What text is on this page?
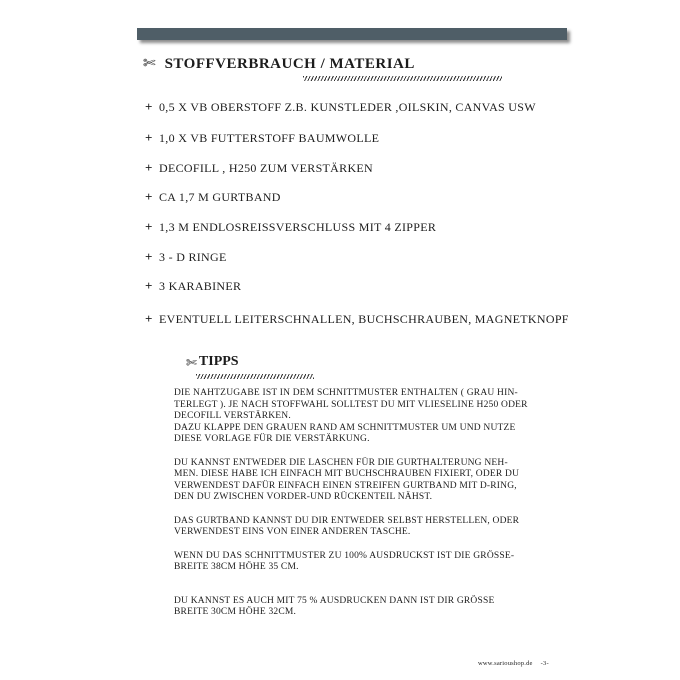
✄ STOFFVERBRAUCH / MATERIAL
+ 0,5 X VB OBERSTOFF Z.B. KUNSTLEDER ,OILSKIN, CANVAS USW
+ 1,0 X VB FUTTERSTOFF BAUMWOLLE
+ DECOFILL , H250 ZUM VERSTÄRKEN
+ CA 1,7 M GURTBAND
+ 1,3 M ENDLOSREISSVERSCHLUSS MIT 4 ZIPPER
+ 3 - D RINGE
+ 3 KARABINER
+ EVENTUELL LEITERSCHNALLEN, BUCHSCHRAUBEN, MAGNETKNOPF
✄ TIPPS

DIE NAHTZUGABE IST IN DEM SCHNITTMUSTER ENTHALTEN ( GRAU HIN-
TERLEGT ). JE NACH STOFFWAHL SOLLTEST DU MIT VLIESELINE H250 ODER
DECOFILL VERSTÄRKEN.
DAZU KLAPPE DEN GRAUEN RAND AM SCHNITTMUSTER UM UND NUTZE
DIESE VORLAGE FÜR DIE VERSTÄRKUNG.

DU KANNST ENTWEDER DIE LASCHEN FÜR DIE GURTHALTERUNG NEH-
MEN. DIESE HABE ICH EINFACH MIT BUCHSCHRAUBEN FIXIERT, ODER DU
VERWENDEST DAFÜR EINFACH EINEN STREIFEN GURTBAND MIT D-RING,
DEN DU ZWISCHEN VORDER-UND RÜCKENTEIL NÄHST.

DAS GURTBAND KANNST DU DIR ENTWEDER SELBST HERSTELLEN, ODER
VERWENDEST EINS VON EINER ANDEREN TASCHE.

WENN DU DAS SCHNITTMUSTER ZU 100% AUSDRUCKST IST DIE GRÖSSE-
BREITE 38CM HÖHE 35 CM.

DU KANNST ES AUCH MIT 75 % AUSDRUCKEN DANN IST DIR GRÖSSE
BREITE 30CM HÖHE 32CM.

www.sarioushop.de -3-
